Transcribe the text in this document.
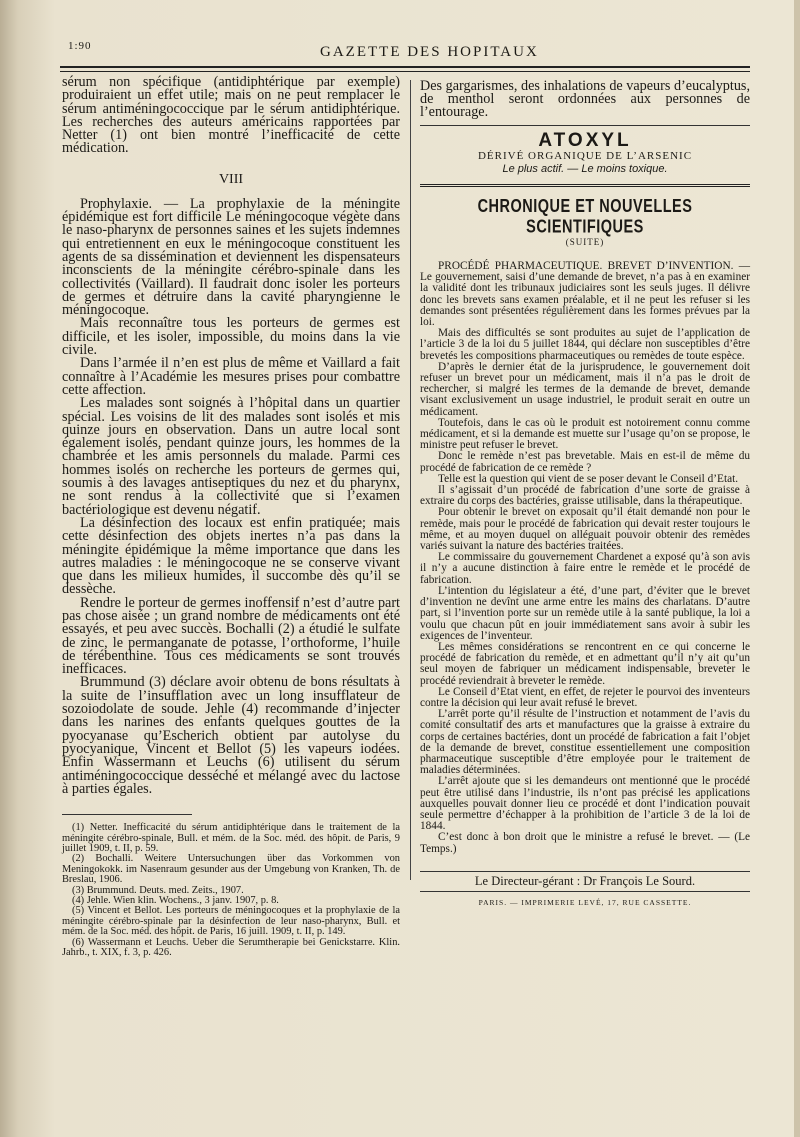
1:90	GAZETTE DES HOPITAUX

sérum non spécifique (antidiphtérique par exemple) produiraient un effet utile; mais on ne peut remplacer le sérum antiméningococcique par le sérum antidiphtérique. Les recherches des auteurs américains rapportées par Netter (1) ont bien montré l’inefficacité de cette médication.

VIII

Prophylaxie. — La prophylaxie de la méningite épidémique est fort difficile Le méningocoque végète dans le naso-pharynx de personnes saines et les sujets indemnes qui entretiennent en eux le méningocoque constituent les agents de sa dissémination et deviennent les dispensateurs inconscients de la méningite cérébro-spinale dans les collectivités (Vaillard). Il faudrait donc isoler les porteurs de germes et détruire dans la cavité pharyngienne le méningocoque.

Mais reconnaître tous les porteurs de germes est difficile, et les isoler, impossible, du moins dans la vie civile.

Dans l’armée il n’en est plus de même et Vaillard a fait connaître à l’Académie les mesures prises pour combattre cette affection.

Les malades sont soignés à l’hôpital dans un quartier spécial. Les voisins de lit des malades sont isolés et mis quinze jours en observation. Dans un autre local sont également isolés, pendant quinze jours, les hommes de la chambrée et les amis personnels du malade. Parmi ces hommes isolés on recherche les porteurs de germes qui, soumis à des lavages antiseptiques du nez et du pharynx, ne sont rendus à la collectivité que si l’examen bactériologique est devenu négatif.

La désinfection des locaux est enfin pratiquée; mais cette désinfection des objets inertes n’a pas dans la méningite épidémique la même importance que dans les autres maladies : le méningocoque ne se conserve vivant que dans les milieux humides, il succombe dès qu’il se dessèche.

Rendre le porteur de germes inoffensif n’est d’autre part pas chose aisée ; un grand nombre de médicaments ont été essayés, et peu avec succès. Bochalli (2) a étudié le sulfate de zinc, le permanganate de potasse, l’orthoforme, l’huile de térébenthine. Tous ces médicaments se sont trouvés inefficaces.

Brummund (3) déclare avoir obtenu de bons résultats à la suite de l’insufflation avec un long insufflateur de sozoiodolate de soude. Jehle (4) recommande d’injecter dans les narines des enfants quelques gouttes de la pyocyanase qu’Escherich obtient par autolyse du pyocyanique, Vincent et Bellot (5) les vapeurs iodées. Enfin Wassermann et Leuchs (6) utilisent du sérum antiméningococcique desséché et mélangé avec du lactose à parties égales.

(1) Netter. Inefficacité du sérum antidiphtérique dans le traitement de la méningite cérébro-spinale, Bull. et mém. de la Soc. méd. des hôpit. de Paris, 9 juillet 1909, t. II, p. 59.

(2) Bochalli. Weitere Untersuchungen über das Vorkommen von Meningokokk. im Nasenraum gesunder aus der Umgebung von Kranken, Th. de Breslau, 1906.

(3) Brummund. Deuts. med. Zeits., 1907.

(4) Jehle. Wien klin. Wochens., 3 janv. 1907, p. 8.

(5) Vincent et Bellot. Les porteurs de méningocoques et la prophylaxie de la méningite cérébro-spinale par la désinfection de leur naso-pharynx, Bull. et mém. de la Soc. méd. des hôpit. de Paris, 16 juill. 1909, t. II, p. 149.

(6) Wassermann et Leuchs. Ueber die Serumtherapie bei Genickstarre. Klin. Jahrb., t. XIX, f. 3, p. 426.

Des gargarismes, des inhalations de vapeurs d’eucalyptus, de menthol seront ordonnées aux personnes de l’entourage.

ATOXYL
DÉRIVÉ ORGANIQUE DE L’ARSENIC
Le plus actif. — Le moins toxique.
CHRONIQUE ET NOUVELLES SCIENTIFIQUES
(SUITE)

PROCÉDÉ PHARMACEUTIQUE. BREVET D’INVENTION. — Le gouvernement, saisi d’une demande de brevet, n’a pas à en examiner la validité dont les tribunaux judiciaires sont les seuls juges. Il délivre donc les brevets sans examen préalable, et il ne peut les refuser si les demandes sont présentées régulièrement dans les formes prévues par la loi.

Mais des difficultés se sont produites au sujet de l’application de l’article 3 de la loi du 5 juillet 1844, qui déclare non susceptibles d’être brevetés les compositions pharmaceutiques ou remèdes de toute espèce.

D’après le dernier état de la jurisprudence, le gouvernement doit refuser un brevet pour un médicament, mais il n’a pas le droit de rechercher, si malgré les termes de la demande de brevet, demande visant exclusivement un usage industriel, le produit serait en outre un médicament.

Toutefois, dans le cas où le produit est notoirement connu comme médicament, et si la demande est muette sur l’usage qu’on se propose, le ministre peut refuser le brevet.

Donc le remède n’est pas brevetable. Mais en est-il de même du procédé de fabrication de ce remède ?

Telle est la question qui vient de se poser devant le Conseil d’Etat.

Il s’agissait d’un procédé de fabrication d’une sorte de graisse à extraire du corps des bactéries, graisse utilisable, dans la thérapeutique.

Pour obtenir le brevet on exposait qu’il était demandé non pour le remède, mais pour le procédé de fabrication qui devait rester toujours le même, et au moyen duquel on alléguait pouvoir obtenir des remèdes variés suivant la nature des bactéries traitées.

Le commissaire du gouvernement Chardenet a exposé qu’à son avis il n’y a aucune distinction à faire entre le remède et le procédé de fabrication.

L’intention du législateur a été, d’une part, d’éviter que le brevet d’invention ne devînt une arme entre les mains des charlatans. D’autre part, si l’invention porte sur un remède utile à la santé publique, la loi a voulu que chacun pût en jouir immédiatement sans avoir à subir les exigences de l’inventeur.

Les mêmes considérations se rencontrent en ce qui concerne le procédé de fabrication du remède, et en admettant qu’il n’y ait qu’un seul moyen de fabriquer un médicament indispensable, breveter le procédé reviendrait à breveter le remède.

Le Conseil d’Etat vient, en effet, de rejeter le pourvoi des inventeurs contre la décision qui leur avait refusé le brevet.

L’arrêt porte qu’il résulte de l’instruction et notamment de l’avis du comité consultatif des arts et manufactures que la graisse à extraire du corps de certaines bactéries, dont un procédé de fabrication a fait l’objet de la demande de brevet, constitue essentiellement une composition pharmaceutique susceptible d’être employée pour le traitement de maladies déterminées.

L’arrêt ajoute que si les demandeurs ont mentionné que le procédé peut être utilisé dans l’industrie, ils n’ont pas précisé les applications auxquelles pouvait donner lieu ce procédé et dont l’indication pouvait seule permettre d’échapper à la prohibition de l’article 3 de la loi de 1844.

C’est donc à bon droit que le ministre a refusé le brevet. — (Le Temps.)

Le Directeur-gérant : Dr François Le Sourd.
PARIS. — IMPRIMERIE LEVÉ, 17, RUE CASSETTE.
